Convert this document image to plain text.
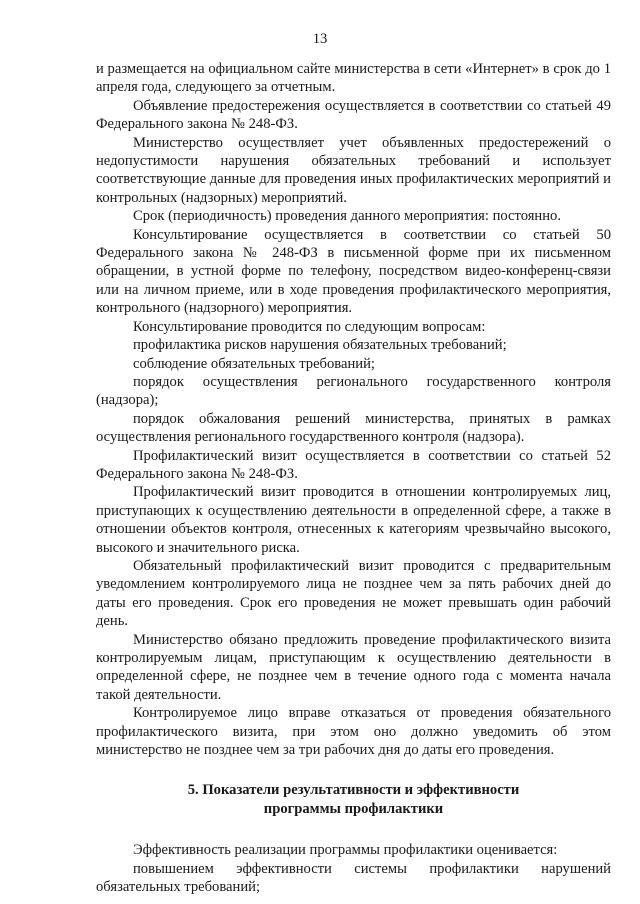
13

и размещается на официальном сайте министерства в сети «Интернет» в срок до 1 апреля года, следующего за отчетным.

Объявление предостережения осуществляется в соответствии со статьей 49 Федерального закона № 248-ФЗ.

Министерство осуществляет учет объявленных предостережений о недопустимости нарушения обязательных требований и использует соответствующие данные для проведения иных профилактических мероприятий и контрольных (надзорных) мероприятий.

Срок (периодичность) проведения данного мероприятия: постоянно.

Консультирование осуществляется в соответствии со статьей 50 Федерального закона № 248-ФЗ в письменной форме при их письменном обращении, в устной форме по телефону, посредством видео-конференц-связи или на личном приеме, или в ходе проведения профилактического мероприятия, контрольного (надзорного) мероприятия.

Консультирование проводится по следующим вопросам:

профилактика рисков нарушения обязательных требований;

соблюдение обязательных требований;

порядок осуществления регионального государственного контроля (надзора);

порядок обжалования решений министерства, принятых в рамках осуществления регионального государственного контроля (надзора).

Профилактический визит осуществляется в соответствии со статьей 52 Федерального закона № 248-ФЗ.

Профилактический визит проводится в отношении контролируемых лиц, приступающих к осуществлению деятельности в определенной сфере, а также в отношении объектов контроля, отнесенных к категориям чрезвычайно высокого, высокого и значительного риска.

Обязательный профилактический визит проводится с предварительным уведомлением контролируемого лица не позднее чем за пять рабочих дней до даты его проведения. Срок его проведения не может превышать один рабочий день.

Министерство обязано предложить проведение профилактического визита контролируемым лицам, приступающим к осуществлению деятельности в определенной сфере, не позднее чем в течение одного года с момента начала такой деятельности.

Контролируемое лицо вправе отказаться от проведения обязательного профилактического визита, при этом оно должно уведомить об этом министерство не позднее чем за три рабочих дня до даты его проведения.

5. Показатели результативности и эффективности
программы профилактики

Эффективность реализации программы профилактики оценивается:

повышением эффективности системы профилактики нарушений обязательных требований;
